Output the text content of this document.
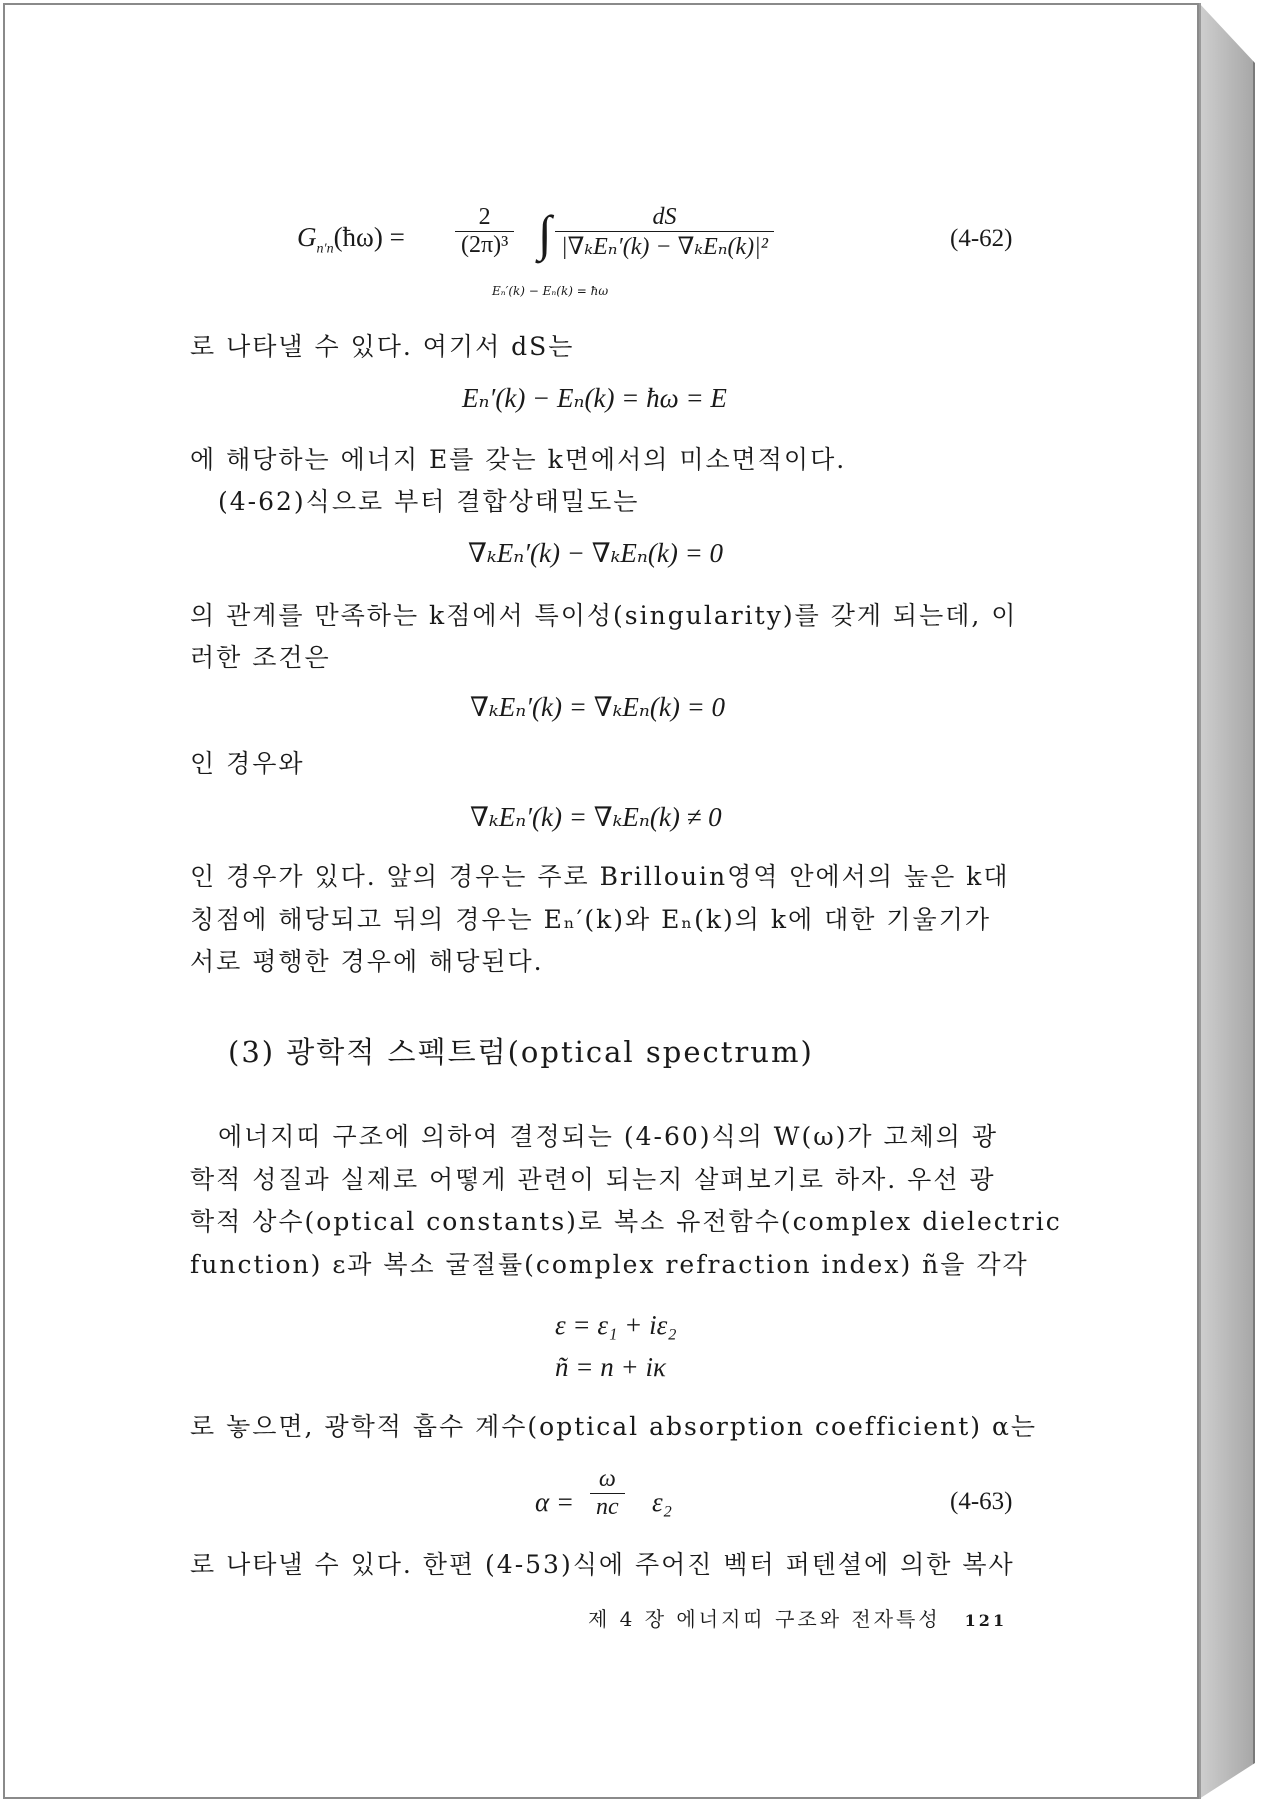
$G_{n'n}(ħ\omega) = \frac{2}{\text{(2π)³}}$ ∫ $\frac{dS}{\text{|∇ₖEₙ′(k) − ∇ₖEₙ(k)|²}}$
Eₙ′(k) − Eₙ(k) = ħω
(4-62)
로 나타낼 수 있다. 여기서 dS는
Eₙ′(k) − Eₙ(k) = ħω = E
에 해당하는 에너지 E를 갖는 k면에서의 미소면적이다.
(4-62)식으로 부터 결합상태밀도는
∇ₖEₙ′(k) − ∇ₖEₙ(k) = 0
의 관계를 만족하는 k점에서 특이성(singularity)를 갖게 되는데, 이
러한 조건은
∇ₖEₙ′(k) = ∇ₖEₙ(k) = 0
인 경우와
∇ₖEₙ′(k) = ∇ₖEₙ(k) ≠ 0
인 경우가 있다. 앞의 경우는 주로 Brillouin영역 안에서의 높은 k대
칭점에 해당되고 뒤의 경우는 Eₙ′(k)와 Eₙ(k)의 k에 대한 기울기가
서로 평행한 경우에 해당된다.
(3) 광학적 스펙트럼(optical spectrum)
에너지띠 구조에 의하여 결정되는 (4-60)식의 W(ω)가 고체의 광
학적 성질과 실제로 어떻게 관련이 되는지 살펴보기로 하자. 우선 광
학적 상수(optical constants)로 복소 유전함수(complex dielectric
function) ε과 복소 굴절률(complex refraction index) ñ을 각각
ε = ε₁ + iε₂
ñ = n + iκ
로 놓으면, 광학적 흡수 계수(optical absorption coefficient) α는
$\alpha = \frac{\omega}{nc} \varepsilon_2$	(4-63)
로 나타낼 수 있다. 한편 (4-53)식에 주어진 벡터 퍼텐셜에 의한 복사
제 4 장 에너지띠 구조와 전자특성 121
